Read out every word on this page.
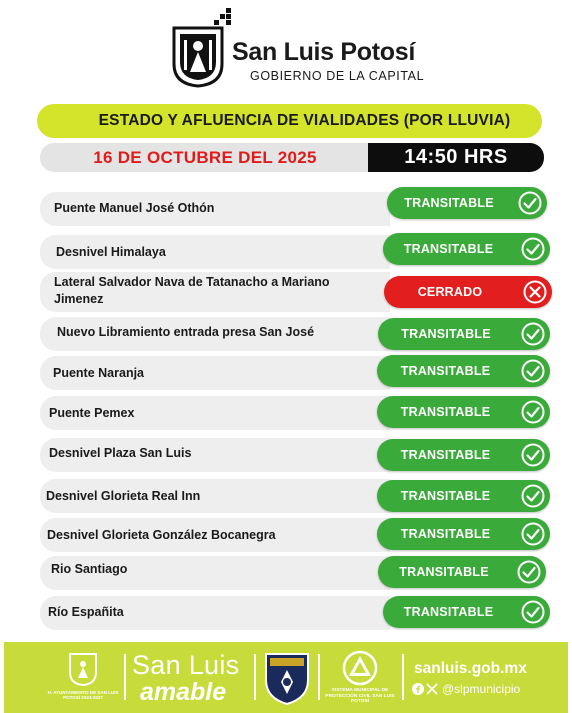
San Luis Potosí
GOBIERNO DE LA CAPITAL
ESTADO Y AFLUENCIA DE VIALIDADES (POR LLUVIA)
16 DE OCTUBRE DEL 2025	14:50 HRS
Puente Manuel José Othón	TRANSITABLE
Desnivel Himalaya	TRANSITABLE
Lateral Salvador Nava de Tatanacho a Mariano Jimenez	CERRADO
Nuevo Libramiento entrada presa San José	TRANSITABLE
Puente Naranja	TRANSITABLE
Puente Pemex	TRANSITABLE
Desnivel Plaza San Luis	TRANSITABLE
Desnivel Glorieta Real Inn	TRANSITABLE
Desnivel Glorieta González Bocanegra	TRANSITABLE
Rio Santiago	TRANSITABLE
Río Españita	TRANSITABLE
H. AYUNTAMIENTO DE SAN LUIS POTOSÍ 2024-2027
San Luis
amable	SISTEMA MUNICIPAL DE PROTECCIÓN CIVIL SAN LUIS POTOSÍ
sanluis.gob.mx
@slpmunicipio
